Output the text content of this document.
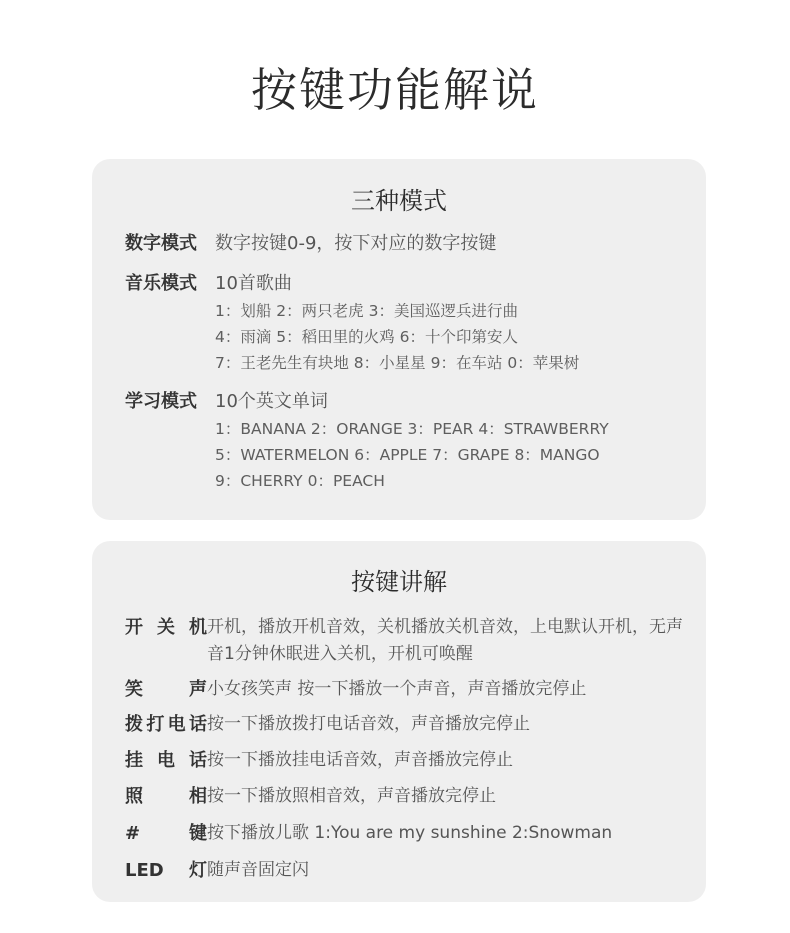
按键功能解说
三种模式
数字模式 数字按键0-9，按下对应的数字按键
音乐模式 10首歌曲
1：划船 2：两只老虎 3：美国巡逻兵进行曲
4：雨滴 5：稻田里的火鸡 6：十个印第安人
7：王老先生有块地 8：小星星 9：在车站 0：苹果树
学习模式 10个英文单词
1：BANANA 2：ORANGE 3：PEAR 4：STRAWBERRY
5：WATERMELON 6：APPLE 7：GRAPE 8：MANGO
9：CHERRY 0：PEACH
按键讲解
开关机开机，播放开机音效，关机播放关机音效，上电默认开机，无声音1分钟休眠进入关机，开机可唤醒
笑声小女孩笑声 按一下播放一个声音，声音播放完停止
拨打电话按一下播放拨打电话音效，声音播放完停止
挂电话按一下播放挂电话音效，声音播放完停止
照相按一下播放照相音效，声音播放完停止
#键按下播放儿歌 1:You are my sunshine 2:Snowman
LED灯随声音固定闪
